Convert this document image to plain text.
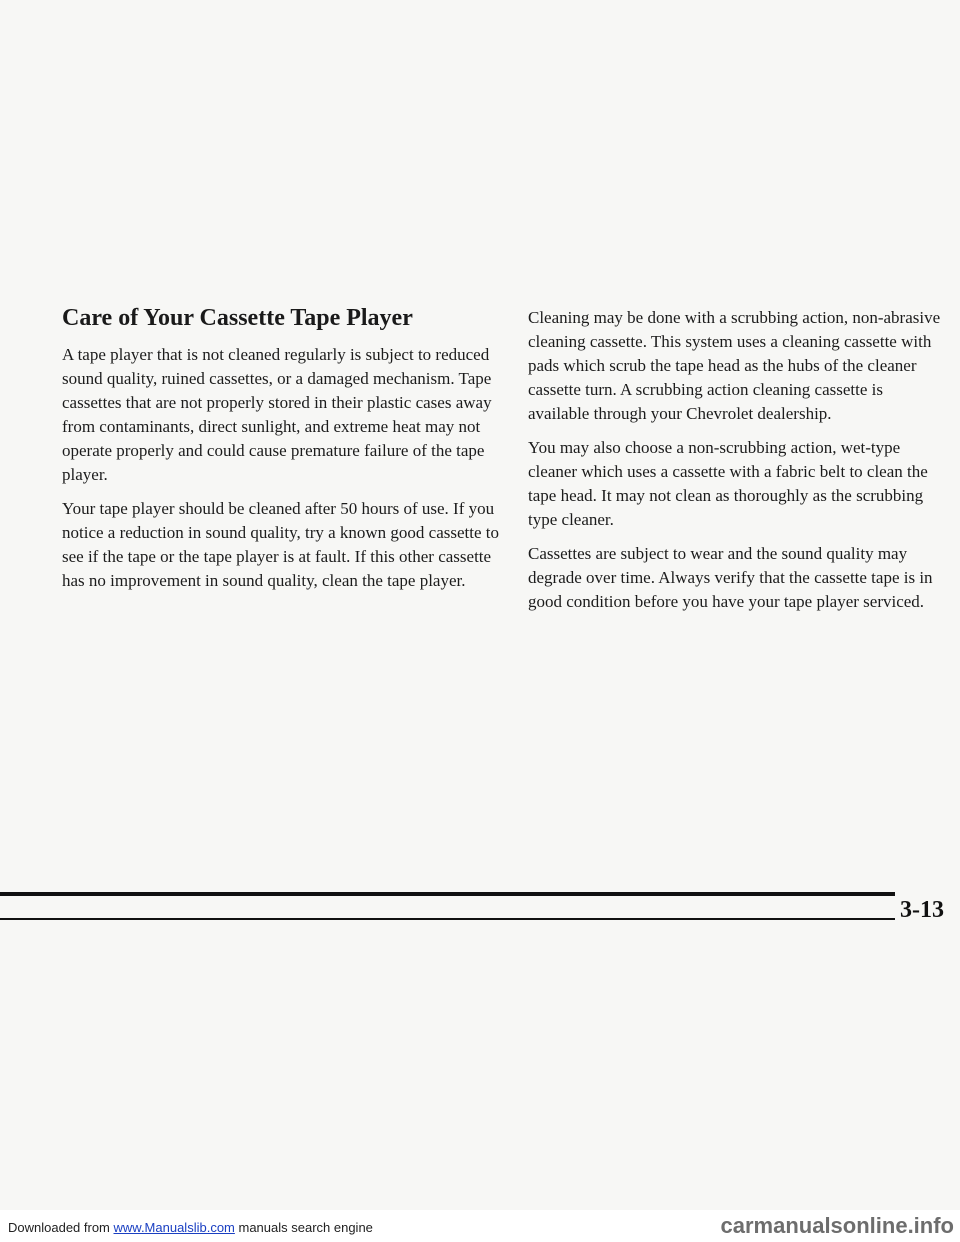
Care of Your Cassette Tape Player

A tape player that is not cleaned regularly is subject to reduced sound quality, ruined cassettes, or a damaged mechanism. Tape cassettes that are not properly stored in their plastic cases away from contaminants, direct sunlight, and extreme heat may not operate properly and could cause premature failure of the tape player.

Your tape player should be cleaned after 50 hours of use. If you notice a reduction in sound quality, try a known good cassette to see if the tape or the tape player is at fault. If this other cassette has no improvement in sound quality, clean the tape player.

Cleaning may be done with a scrubbing action, non-abrasive cleaning cassette. This system uses a cleaning cassette with pads which scrub the tape head as the hubs of the cleaner cassette turn. A scrubbing action cleaning cassette is available through your Chevrolet dealership.

You may also choose a non-scrubbing action, wet-type cleaner which uses a cassette with a fabric belt to clean the tape head. It may not clean as thoroughly as the scrubbing type cleaner.

Cassettes are subject to wear and the sound quality may degrade over time. Always verify that the cassette tape is in good condition before you have your tape player serviced.

3-13
Downloaded from www.Manualslib.com manuals search engine	carmanualsonline.info
